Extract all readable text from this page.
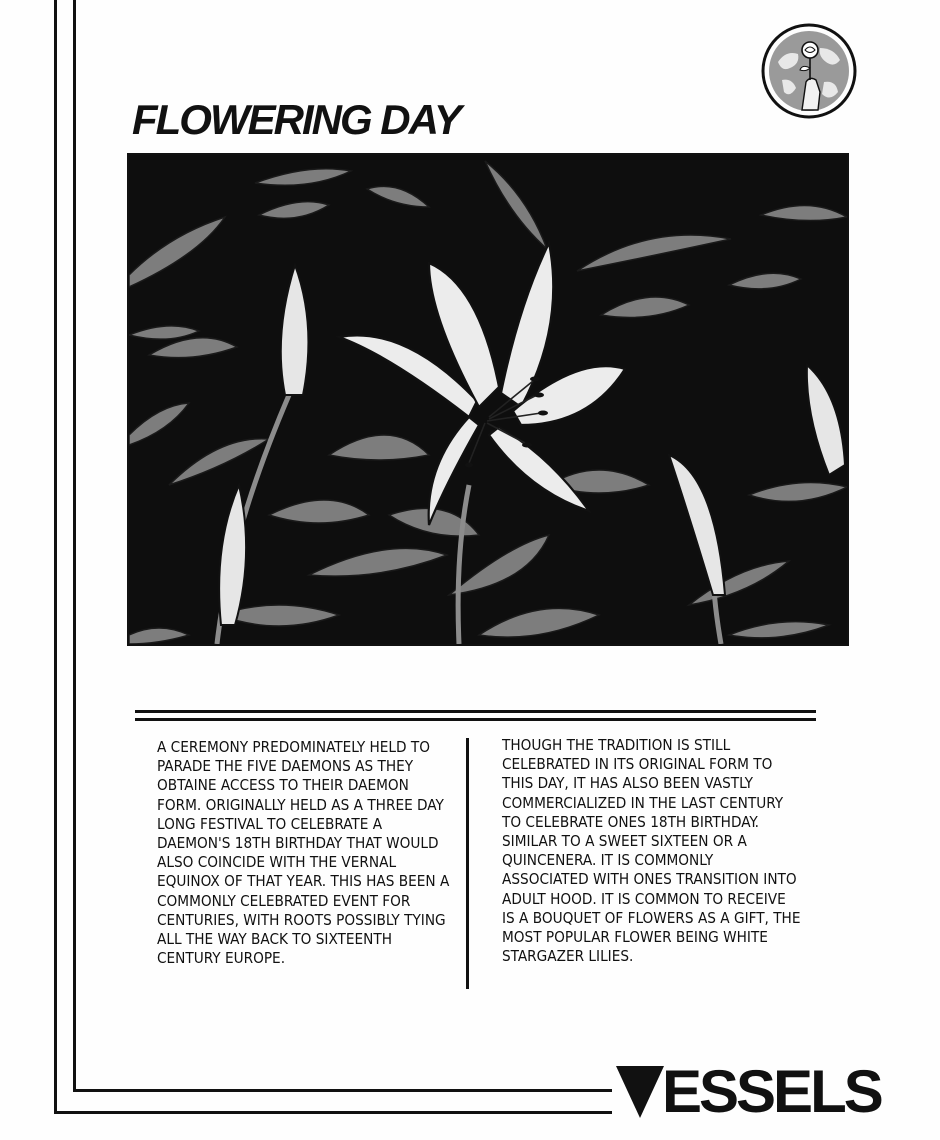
FLOWERING DAY

A CEREMONY PREDOMINATELY HELD TO PARADE THE FIVE DAEMONS AS THEY OBTAINE ACCESS TO THEIR DAEMON FORM. ORIGINALLY HELD AS A THREE DAY LONG FESTIVAL TO CELEBRATE A DAEMON'S 18TH BIRTHDAY THAT WOULD ALSO COINCIDE WITH THE VERNAL EQUINOX OF THAT YEAR. THIS HAS BEEN A COMMONLY CELEBRATED EVENT FOR CENTURIES, WITH ROOTS POSSIBLY TYING ALL THE WAY BACK TO SIXTEENTH CENTURY EUROPE.

THOUGH THE TRADITION IS STILL CELEBRATED IN ITS ORIGINAL FORM TO THIS DAY, IT HAS ALSO BEEN VASTLY COMMERCIALIZED IN THE LAST CENTURY TO CELEBRATE ONES 18TH BIRTHDAY. SIMILAR TO A SWEET SIXTEEN OR A QUINCENERA. IT IS COMMONLY ASSOCIATED WITH ONES TRANSITION INTO ADULT HOOD. IT IS COMMON TO RECEIVE IS A BOUQUET OF FLOWERS AS A GIFT, THE MOST POPULAR FLOWER BEING WHITE STARGAZER LILIES.

ESSELS
